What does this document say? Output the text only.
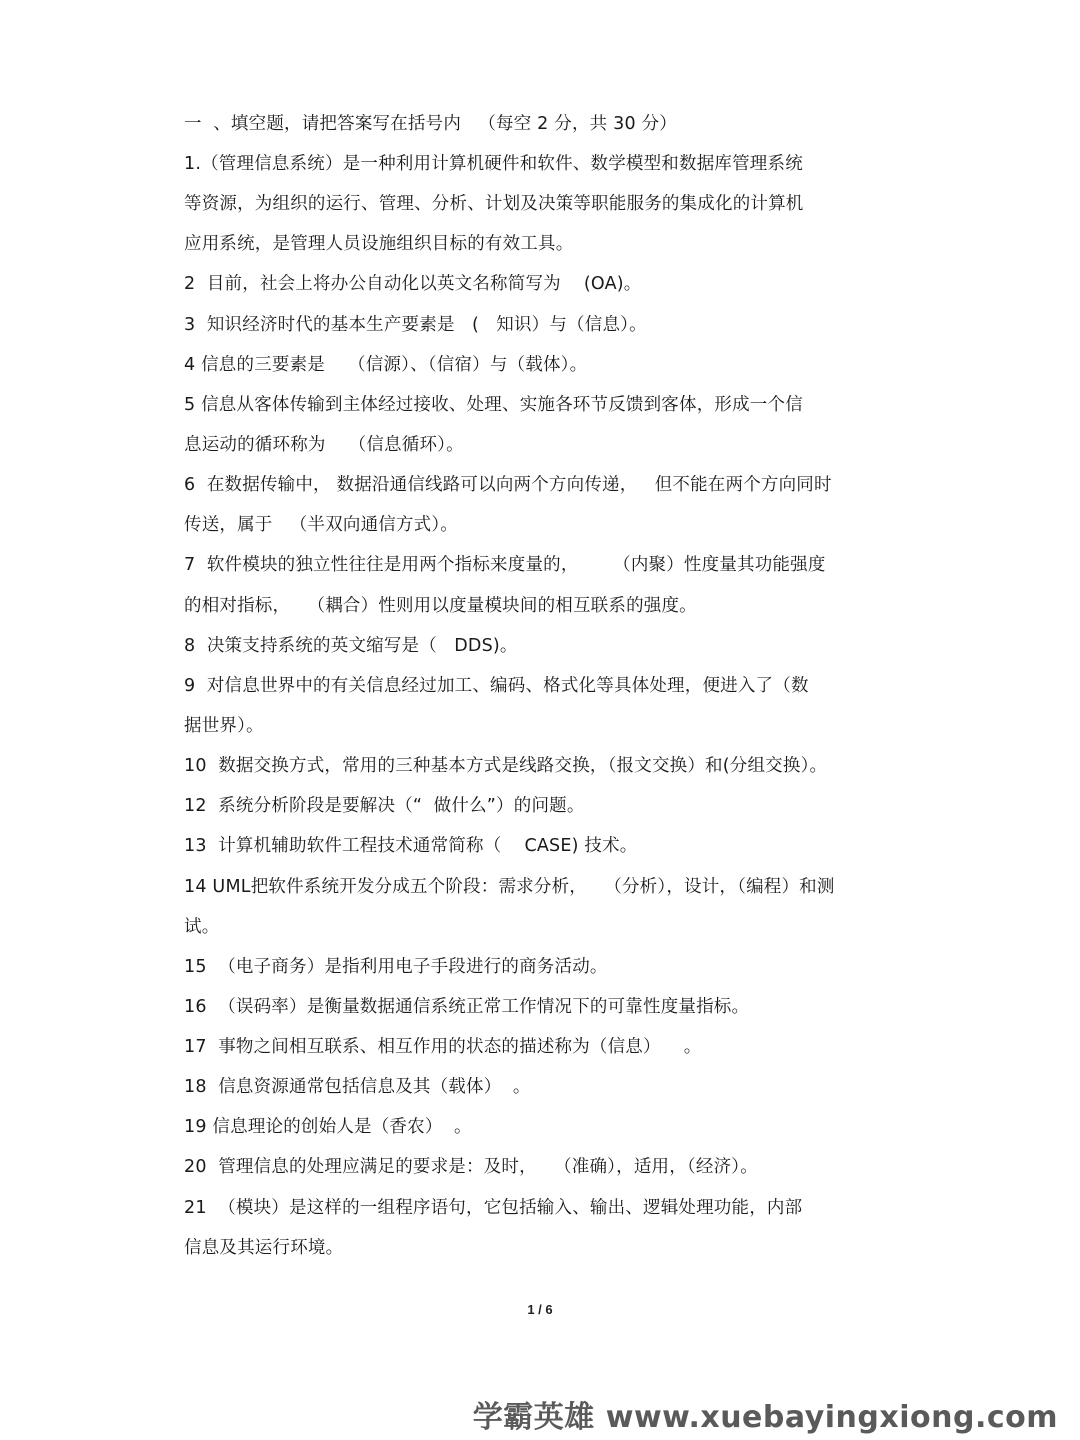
一  、填空题，请把答案写在括号内   （每空 2 分，共 30 分）
1.（管理信息系统）是一种利用计算机硬件和软件、数学模型和数据库管理系统
等资源，为组织的运行、管理、分析、计划及决策等职能服务的集成化的计算机
应用系统，是管理人员设施组织目标的有效工具。
2  目前，社会上将办公自动化以英文名称简写为    (OA)。
3  知识经济时代的基本生产要素是   (   知识）与（信息）。
4 信息的三要素是    （信源）、（信宿）与（载体）。
5 信息从客体传输到主体经过接收、处理、实施各环节反馈到客体，形成一个信
息运动的循环称为    （信息循环）。
6  在数据传输中， 数据沿通信线路可以向两个方向传递，   但不能在两个方向同时
传送，属于   （半双向通信方式）。
7  软件模块的独立性往往是用两个指标来度量的，      （内聚）性度量其功能强度
的相对指标，   （耦合）性则用以度量模块间的相互联系的强度。
8  决策支持系统的英文缩写是（   DDS)。
9  对信息世界中的有关信息经过加工、编码、格式化等具体处理，便进入了（数
据世界）。
10  数据交换方式，常用的三种基本方式是线路交换，（报文交换）和(分组交换）。
12  系统分析阶段是要解决（“  做什么”）的问题。
13  计算机辅助软件工程技术通常简称（    CASE) 技术。
14 UML把软件系统开发分成五个阶段：需求分析，   （分析），设计，（编程）和测
试。
15  （电子商务）是指利用电子手段进行的商务活动。
16  （误码率）是衡量数据通信系统正常工作情况下的可靠性度量指标。
17  事物之间相互联系、相互作用的状态的描述称为（信息）    。
18  信息资源通常包括信息及其（载体）  。
19 信息理论的创始人是（香农）  。
20  管理信息的处理应满足的要求是：及时，   （准确），适用，（经济）。
21  （模块）是这样的一组程序语句，它包括输入、输出、逻辑处理功能，内部
信息及其运行环境。
1 / 6
学霸英雄 www.xuebayingxiong.com
